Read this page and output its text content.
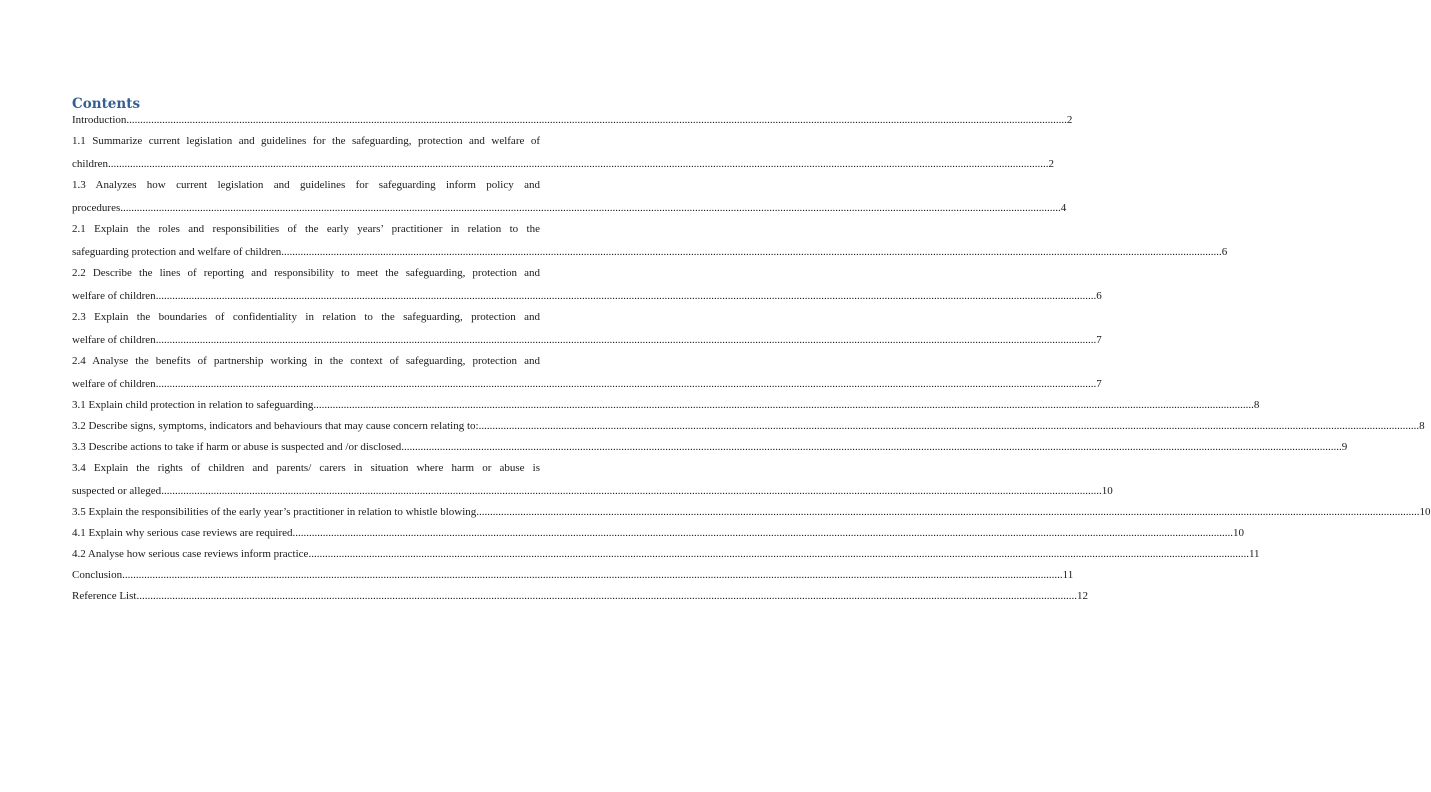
Contents
Introduction .....	2
1.1 Summarize current legislation and guidelines for the safeguarding, protection and welfare of
children .....	2
1.3 Analyzes how current legislation and guidelines for safeguarding inform policy and
procedures .....	4
2.1 Explain the roles and responsibilities of the early years’ practitioner in relation to the
safeguarding protection and welfare of children .....	6
2.2 Describe the lines of reporting and responsibility to meet the safeguarding, protection and
welfare of children .....	6
2.3 Explain the boundaries of confidentiality in relation to the safeguarding, protection and
welfare of children .....	7
2.4 Analyse the benefits of partnership working in the context of safeguarding, protection and
welfare of children .....	7
3.1 Explain child protection in relation to safeguarding .....	8
3.2 Describe signs, symptoms, indicators and behaviours that may cause concern relating to: .....	8
3.3 Describe actions to take if harm or abuse is suspected and /or disclosed .....	9
3.4 Explain the rights of children and parents/ carers in situation where harm or abuse is
suspected or alleged .....	10
3.5 Explain the responsibilities of the early year’s practitioner in relation to whistle blowing. .....	10
4.1 Explain why serious case reviews are required .....	10
4.2 Analyse how serious case reviews inform practice .....	11
Conclusion .....	11
Reference List .....	12
